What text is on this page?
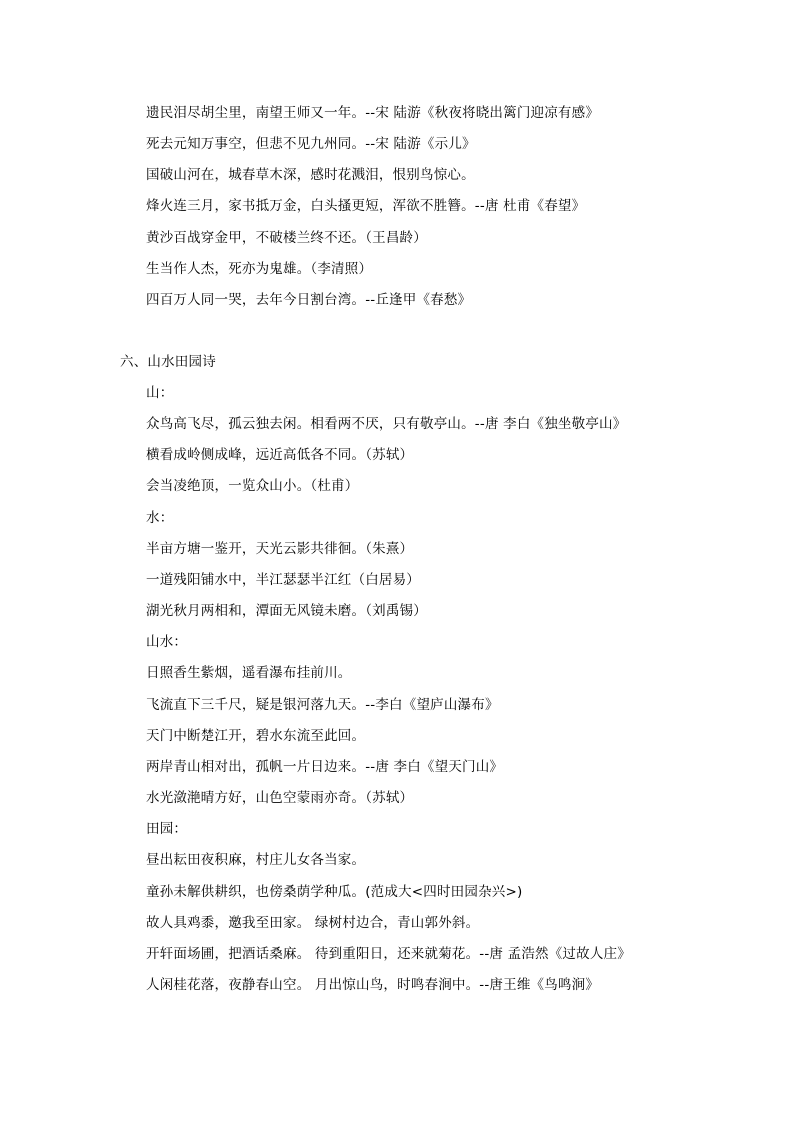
遗民泪尽胡尘里，南望王师又一年。--宋 陆游《秋夜将晓出篱门迎凉有感》
死去元知万事空，但悲不见九州同。--宋 陆游《示儿》
国破山河在，城春草木深，感时花溅泪，恨别鸟惊心。
烽火连三月，家书抵万金，白头搔更短，浑欲不胜簪。--唐 杜甫《春望》
黄沙百战穿金甲，不破楼兰终不还。（王昌龄）
生当作人杰，死亦为鬼雄。（李清照）
四百万人同一哭，去年今日割台湾。--丘逢甲《春愁》
六、山水田园诗
山：
众鸟高飞尽，孤云独去闲。相看两不厌，只有敬亭山。--唐 李白《独坐敬亭山》
横看成岭侧成峰，远近高低各不同。（苏轼）
会当凌绝顶，一览众山小。（杜甫）
水：
半亩方塘一鉴开，天光云影共徘徊。（朱熹）
一道残阳铺水中，半江瑟瑟半江红（白居易）
湖光秋月两相和，潭面无风镜未磨。（刘禹锡）
山水：
日照香生紫烟，遥看瀑布挂前川。
飞流直下三千尺，疑是银河落九天。--李白《望庐山瀑布》
天门中断楚江开，碧水东流至此回。
两岸青山相对出，孤帆一片日边来。--唐 李白《望天门山》
水光潋滟晴方好，山色空蒙雨亦奇。（苏轼）
田园：
昼出耘田夜积麻，村庄儿女各当家。
童孙未解供耕织，也傍桑荫学种瓜。(范成大<四时田园杂兴>)
故人具鸡黍，邀我至田家。 绿树村边合，青山郭外斜。
开轩面场圃，把酒话桑麻。 待到重阳日，还来就菊花。--唐 孟浩然《过故人庄》
人闲桂花落，夜静春山空。 月出惊山鸟，时鸣春涧中。--唐王维《鸟鸣涧》
